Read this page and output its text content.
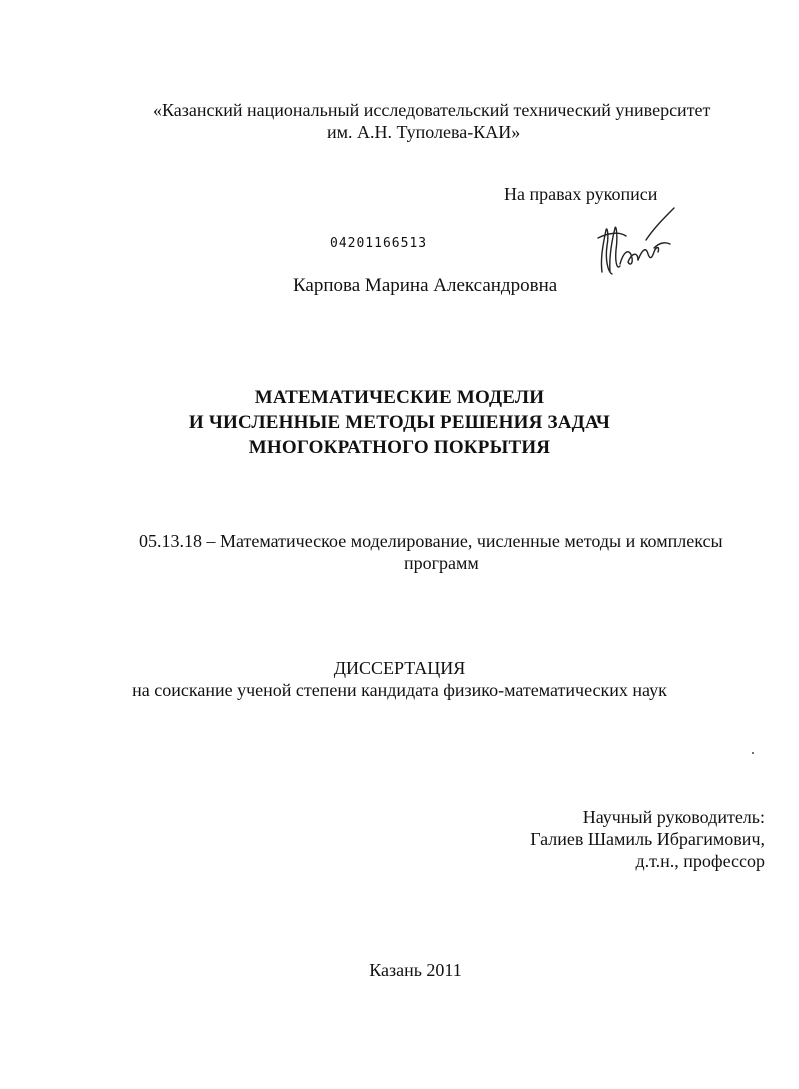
«Казанский национальный исследовательский технический университет
им. А.Н. Туполева-КАИ»
На правах рукописи
04201166513
Карпова Марина Александровна
МАТЕМАТИЧЕСКИЕ МОДЕЛИ
И ЧИСЛЕННЫЕ МЕТОДЫ РЕШЕНИЯ ЗАДАЧ
МНОГОКРАТНОГО ПОКРЫТИЯ
05.13.18 – Математическое моделирование, численные методы и комплексы
программ
ДИССЕРТАЦИЯ
на соискание ученой степени кандидата физико-математических наук
Научный руководитель:
Галиев Шамиль Ибрагимович,
д.т.н., профессор
Казань 2011
